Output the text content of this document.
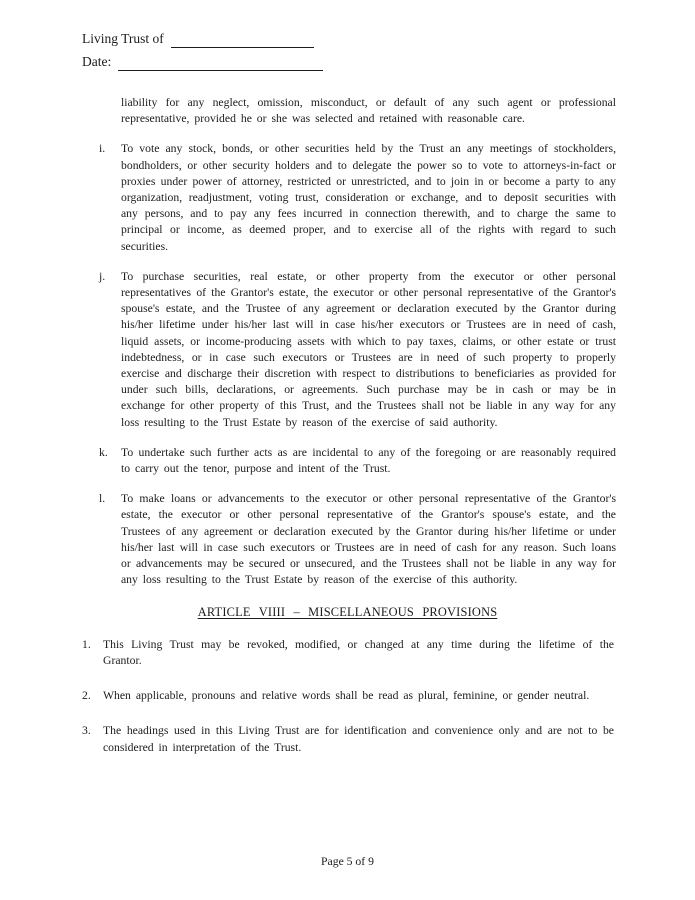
Living Trust of
Date:

liability for any neglect, omission, misconduct, or default of any such agent or professional representative, provided he or she was selected and retained with reasonable care.

i.	To vote any stock, bonds, or other securities held by the Trust an any meetings of stockholders, bondholders, or other security holders and to delegate the power so to vote to attorneys-in-fact or proxies under power of attorney, restricted or unrestricted, and to join in or become a party to any organization, readjustment, voting trust, consideration or exchange, and to deposit securities with any persons, and to pay any fees incurred in connection therewith, and to charge the same to principal or income, as deemed proper, and to exercise all of the rights with regard to such securities.

j.	To purchase securities, real estate, or other property from the executor or other personal representatives of the Grantor's estate, the executor or other personal representative of the Grantor's spouse's estate, and the Trustee of any agreement or declaration executed by the Grantor during his/her lifetime under his/her last will in case his/her executors or Trustees are in need of cash, liquid assets, or income-producing assets with which to pay taxes, claims, or other estate or trust indebtedness, or in case such executors or Trustees are in need of such property to properly exercise and discharge their discretion with respect to distributions to beneficiaries as provided for under such bills, declarations, or agreements. Such purchase may be in cash or may be in exchange for other property of this Trust, and the Trustees shall not be liable in any way for any loss resulting to the Trust Estate by reason of the exercise of said authority.

k.	To undertake such further acts as are incidental to any of the foregoing or are reasonably required to carry out the tenor, purpose and intent of the Trust.

l.	To make loans or advancements to the executor or other personal representative of the Grantor's estate, the executor or other personal representative of the Grantor's spouse's estate, and the Trustees of any agreement or declaration executed by the Grantor during his/her lifetime or under his/her last will in case such executors or Trustees are in need of cash for any reason. Such loans or advancements may be secured or unsecured, and the Trustees shall not be liable in any way for any loss resulting to the Trust Estate by reason of the exercise of this authority.

ARTICLE VIIII – MISCELLANEOUS PROVISIONS
1.	This Living Trust may be revoked, modified, or changed at any time during the lifetime of the Grantor.

2.	When applicable, pronouns and relative words shall be read as plural, feminine, or gender neutral.

3.	The headings used in this Living Trust are for identification and convenience only and are not to be considered in interpretation of the Trust.

Page 5 of 9
